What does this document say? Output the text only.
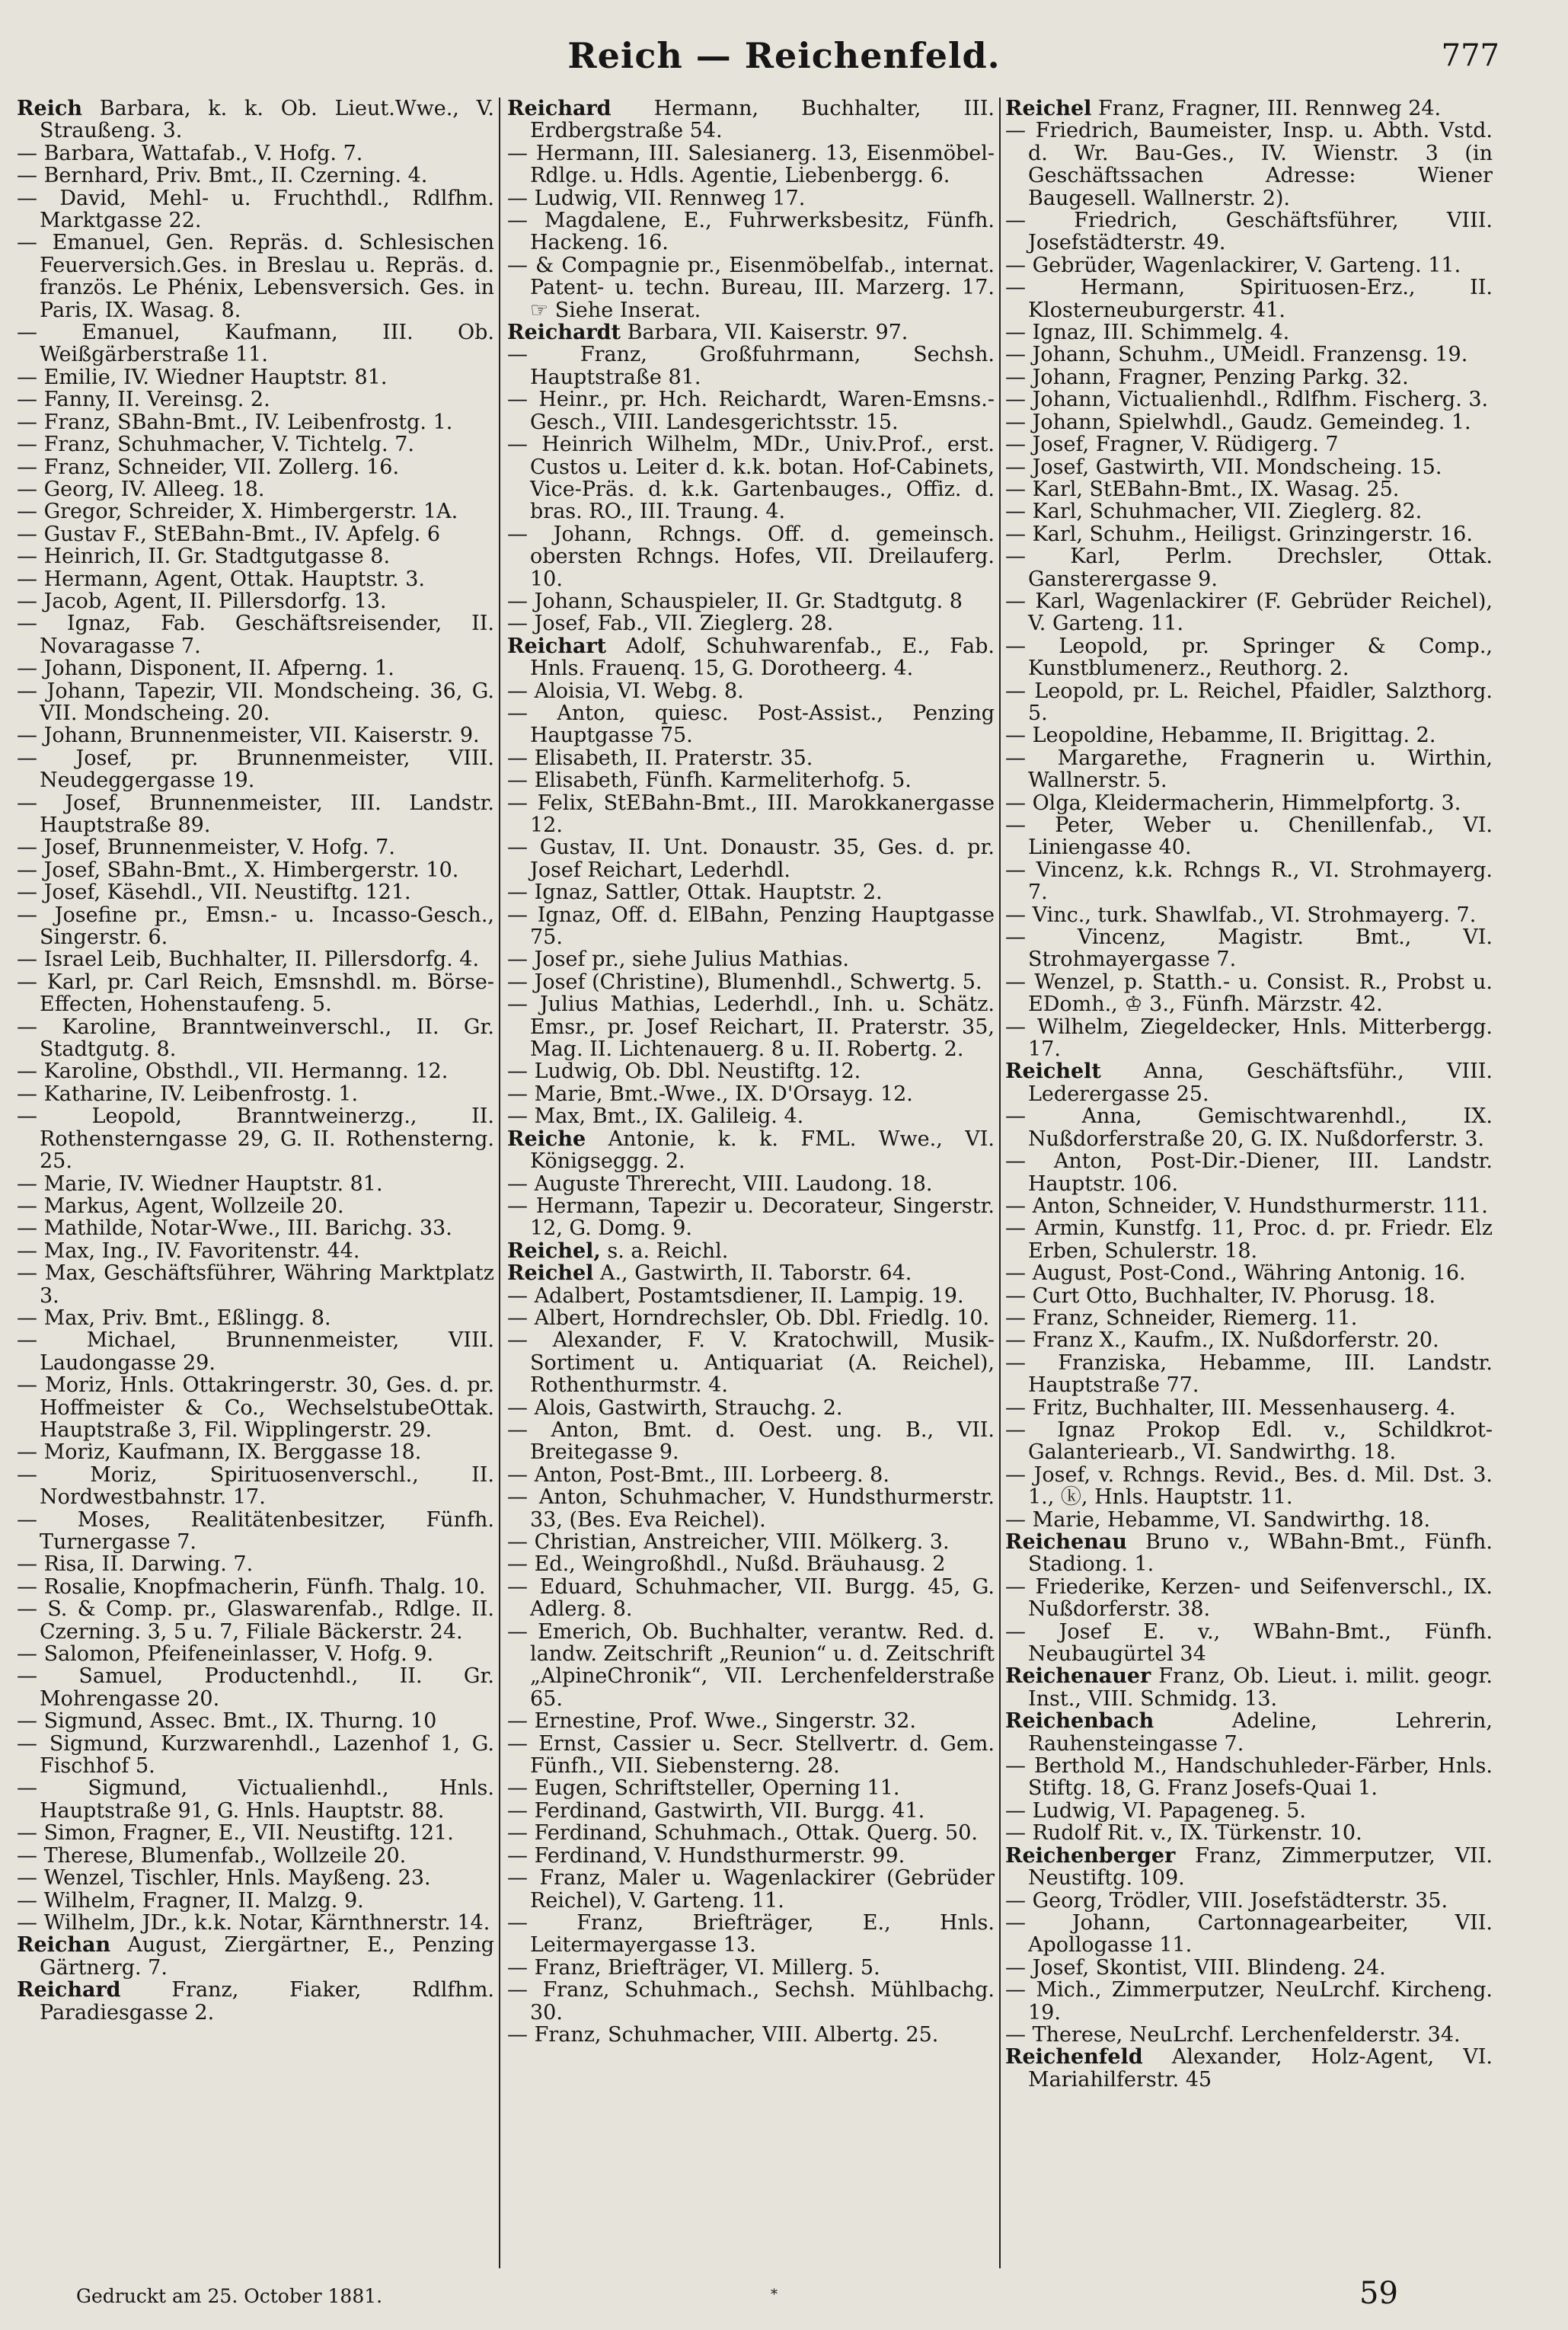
Reich — Reichenfeld.	777

Reich Barbara, k. k. Ob. Lieut.Wwe., V. Straußeng. 3.

— Barbara, Wattafab., V. Hofg. 7.

— Bernhard, Priv. Bmt., II. Czerning. 4.

— David, Mehl- u. Fruchthdl., Rdlfhm. Marktgasse 22.

— Emanuel, Gen. Repräs. d. Schlesischen Feuerversich.Ges. in Breslau u. Repräs. d. französ. Le Phénix, Lebensversich. Ges. in Paris, IX. Wasag. 8.

— Emanuel, Kaufmann, III. Ob. Weißgärberstraße 11.

— Emilie, IV. Wiedner Hauptstr. 81.

— Fanny, II. Vereinsg. 2.

— Franz, SBahn-Bmt., IV. Leibenfrostg. 1.

— Franz, Schuhmacher, V. Tichtelg. 7.

— Franz, Schneider, VII. Zollerg. 16.

— Georg, IV. Alleeg. 18.

— Gregor, Schreider, X. Himbergerstr. 1A.

— Gustav F., StEBahn-Bmt., IV. Apfelg. 6

— Heinrich, II. Gr. Stadtgutgasse 8.

— Hermann, Agent, Ottak. Hauptstr. 3.

— Jacob, Agent, II. Pillersdorfg. 13.

— Ignaz, Fab. Geschäftsreisender, II. Novaragasse 7.

— Johann, Disponent, II. Afperng. 1.

— Johann, Tapezir, VII. Mondscheing. 36, G. VII. Mondscheing. 20.

— Johann, Brunnenmeister, VII. Kaiserstr. 9.

— Josef, pr. Brunnenmeister, VIII. Neudeggergasse 19.

— Josef, Brunnenmeister, III. Landstr. Hauptstraße 89.

— Josef, Brunnenmeister, V. Hofg. 7.

— Josef, SBahn-Bmt., X. Himbergerstr. 10.

— Josef, Käsehdl., VII. Neustiftg. 121.

— Josefine pr., Emsn.- u. Incasso-Gesch., Singerstr. 6.

— Israel Leib, Buchhalter, II. Pillersdorfg. 4.

— Karl, pr. Carl Reich, Emsnshdl. m. Börse-Effecten, Hohenstaufeng. 5.

— Karoline, Branntweinverschl., II. Gr. Stadtgutg. 8.

— Karoline, Obsthdl., VII. Hermanng. 12.

— Katharine, IV. Leibenfrostg. 1.

— Leopold, Branntweinerzg., II. Rothensterngasse 29, G. II. Rothensterng. 25.

— Marie, IV. Wiedner Hauptstr. 81.

— Markus, Agent, Wollzeile 20.

— Mathilde, Notar-Wwe., III. Barichg. 33.

— Max, Ing., IV. Favoritenstr. 44.

— Max, Geschäftsführer, Währing Marktplatz 3.

— Max, Priv. Bmt., Eßlingg. 8.

— Michael, Brunnenmeister, VIII. Laudongasse 29.

— Moriz, Hnls. Ottakringerstr. 30, Ges. d. pr. Hoffmeister & Co., WechselstubeOttak. Hauptstraße 3, Fil. Wipplingerstr. 29.

— Moriz, Kaufmann, IX. Berggasse 18.

— Moriz, Spirituosenverschl., II. Nordwestbahnstr. 17.

— Moses, Realitätenbesitzer, Fünfh. Turnergasse 7.

— Risa, II. Darwing. 7.

— Rosalie, Knopfmacherin, Fünfh. Thalg. 10.

— S. & Comp. pr., Glaswarenfab., Rdlge. II. Czerning. 3, 5 u. 7, Filiale Bäckerstr. 24.

— Salomon, Pfeifeneinlasser, V. Hofg. 9.

— Samuel, Productenhdl., II. Gr. Mohrengasse 20.

— Sigmund, Assec. Bmt., IX. Thurng. 10

— Sigmund, Kurzwarenhdl., Lazenhof 1, G. Fischhof 5.

— Sigmund, Victualienhdl., Hnls. Hauptstraße 91, G. Hnls. Hauptstr. 88.

— Simon, Fragner, E., VII. Neustiftg. 121.

— Therese, Blumenfab., Wollzeile 20.

— Wenzel, Tischler, Hnls. Mayßeng. 23.

— Wilhelm, Fragner, II. Malzg. 9.

— Wilhelm, JDr., k.k. Notar, Kärnthnerstr. 14.

Reichan August, Ziergärtner, E., Penzing Gärtnerg. 7.

Reichard Franz, Fiaker, Rdlfhm. Paradiesgasse 2.

Reichard Hermann, Buchhalter, III. Erdbergstraße 54.

— Hermann, III. Salesianerg. 13, Eisenmöbel-Rdlge. u. Hdls. Agentie, Liebenbergg. 6.

— Ludwig, VII. Rennweg 17.

— Magdalene, E., Fuhrwerksbesitz, Fünfh. Hackeng. 16.

— & Compagnie pr., Eisenmöbelfab., internat. Patent- u. techn. Bureau, III. Marzerg. 17. ☞ Siehe Inserat.

Reichardt Barbara, VII. Kaiserstr. 97.

— Franz, Großfuhrmann, Sechsh. Hauptstraße 81.

— Heinr., pr. Hch. Reichardt, Waren-Emsns.-Gesch., VIII. Landesgerichtsstr. 15.

— Heinrich Wilhelm, MDr., Univ.Prof., erst. Custos u. Leiter d. k.k. botan. Hof-Cabinets, Vice-Präs. d. k.k. Gartenbauges., Offiz. d. bras. RO., III. Traung. 4.

— Johann, Rchngs. Off. d. gemeinsch. obersten Rchngs. Hofes, VII. Dreilauferg. 10.

— Johann, Schauspieler, II. Gr. Stadtgutg. 8

— Josef, Fab., VII. Zieglerg. 28.

Reichart Adolf, Schuhwarenfab., E., Fab. Hnls. Frauenq. 15, G. Dorotheerg. 4.

— Aloisia, VI. Webg. 8.

— Anton, quiesc. Post-Assist., Penzing Hauptgasse 75.

— Elisabeth, II. Praterstr. 35.

— Elisabeth, Fünfh. Karmeliterhofg. 5.

— Felix, StEBahn-Bmt., III. Marokkanergasse 12.

— Gustav, II. Unt. Donaustr. 35, Ges. d. pr. Josef Reichart, Lederhdl.

— Ignaz, Sattler, Ottak. Hauptstr. 2.

— Ignaz, Off. d. ElBahn, Penzing Hauptgasse 75.

— Josef pr., siehe Julius Mathias.

— Josef (Christine), Blumenhdl., Schwertg. 5.

— Julius Mathias, Lederhdl., Inh. u. Schätz. Emsr., pr. Josef Reichart, II. Praterstr. 35, Mag. II. Lichtenauerg. 8 u. II. Robertg. 2.

— Ludwig, Ob. Dbl. Neustiftg. 12.

— Marie, Bmt.-Wwe., IX. D'Orsayg. 12.

— Max, Bmt., IX. Galileig. 4.

Reiche Antonie, k. k. FML. Wwe., VI. Königseggg. 2.

— Auguste Threrecht, VIII. Laudong. 18.

— Hermann, Tapezir u. Decorateur, Singerstr. 12, G. Domg. 9.

Reichel, s. a. Reichl.

Reichel A., Gastwirth, II. Taborstr. 64.

— Adalbert, Postamtsdiener, II. Lampig. 19.

— Albert, Horndrechsler, Ob. Dbl. Friedlg. 10.

— Alexander, F. V. Kratochwill, Musik-Sortiment u. Antiquariat (A. Reichel), Rothenthurmstr. 4.

— Alois, Gastwirth, Strauchg. 2.

— Anton, Bmt. d. Oest. ung. B., VII. Breitegasse 9.

— Anton, Post-Bmt., III. Lorbeerg. 8.

— Anton, Schuhmacher, V. Hundsthurmerstr. 33, (Bes. Eva Reichel).

— Christian, Anstreicher, VIII. Mölkerg. 3.

— Ed., Weingroßhdl., Nußd. Bräuhausg. 2

— Eduard, Schuhmacher, VII. Burgg. 45, G. Adlerg. 8.

— Emerich, Ob. Buchhalter, verantw. Red. d. landw. Zeitschrift „Reunion“ u. d. Zeitschrift „AlpineChronik“, VII. Lerchenfelderstraße 65.

— Ernestine, Prof. Wwe., Singerstr. 32.

— Ernst, Cassier u. Secr. Stellvertr. d. Gem. Fünfh., VII. Siebensterng. 28.

— Eugen, Schriftsteller, Operning 11.

— Ferdinand, Gastwirth, VII. Burgg. 41.

— Ferdinand, Schuhmach., Ottak. Querg. 50.

— Ferdinand, V. Hundsthurmerstr. 99.

— Franz, Maler u. Wagenlackirer (Gebrüder Reichel), V. Garteng. 11.

— Franz, Briefträger, E., Hnls. Leitermayergasse 13.

— Franz, Briefträger, VI. Millerg. 5.

— Franz, Schuhmach., Sechsh. Mühlbachg. 30.

— Franz, Schuhmacher, VIII. Albertg. 25.

Reichel Franz, Fragner, III. Rennweg 24.

— Friedrich, Baumeister, Insp. u. Abth. Vstd. d. Wr. Bau-Ges., IV. Wienstr. 3 (in Geschäftssachen Adresse: Wiener Baugesell. Wallnerstr. 2).

— Friedrich, Geschäftsführer, VIII. Josefstädterstr. 49.

— Gebrüder, Wagenlackirer, V. Garteng. 11.

— Hermann, Spirituosen-Erz., II. Klosterneuburgerstr. 41.

— Ignaz, III. Schimmelg. 4.

— Johann, Schuhm., UMeidl. Franzensg. 19.

— Johann, Fragner, Penzing Parkg. 32.

— Johann, Victualienhdl., Rdlfhm. Fischerg. 3.

— Johann, Spielwhdl., Gaudz. Gemeindeg. 1.

— Josef, Fragner, V. Rüdigerg. 7

— Josef, Gastwirth, VII. Mondscheing. 15.

— Karl, StEBahn-Bmt., IX. Wasag. 25.

— Karl, Schuhmacher, VII. Zieglerg. 82.

— Karl, Schuhm., Heiligst. Grinzingerstr. 16.

— Karl, Perlm. Drechsler, Ottak. Gansterergasse 9.

— Karl, Wagenlackirer (F. Gebrüder Reichel), V. Garteng. 11.

— Leopold, pr. Springer & Comp., Kunstblumenerz., Reuthorg. 2.

— Leopold, pr. L. Reichel, Pfaidler, Salzthorg. 5.

— Leopoldine, Hebamme, II. Brigittag. 2.

— Margarethe, Fragnerin u. Wirthin, Wallnerstr. 5.

— Olga, Kleidermacherin, Himmelpfortg. 3.

— Peter, Weber u. Chenillenfab., VI. Liniengasse 40.

— Vincenz, k.k. Rchngs R., VI. Strohmayerg. 7.

— Vinc., turk. Shawlfab., VI. Strohmayerg. 7.

— Vincenz, Magistr. Bmt., VI. Strohmayergasse 7.

— Wenzel, p. Statth.- u. Consist. R., Probst u. EDomh., ♔ 3., Fünfh. Märzstr. 42.

— Wilhelm, Ziegeldecker, Hnls. Mitterbergg. 17.

Reichelt Anna, Geschäftsführ., VIII. Lederergasse 25.

— Anna, Gemischtwarenhdl., IX. Nußdorferstraße 20, G. IX. Nußdorferstr. 3.

— Anton, Post-Dir.-Diener, III. Landstr. Hauptstr. 106.

— Anton, Schneider, V. Hundsthurmerstr. 111.

— Armin, Kunstfg. 11, Proc. d. pr. Friedr. Elz Erben, Schulerstr. 18.

— August, Post-Cond., Währing Antonig. 16.

— Curt Otto, Buchhalter, IV. Phorusg. 18.

— Franz, Schneider, Riemerg. 11.

— Franz X., Kaufm., IX. Nußdorferstr. 20.

— Franziska, Hebamme, III. Landstr. Hauptstraße 77.

— Fritz, Buchhalter, III. Messenhauserg. 4.

— Ignaz Prokop Edl. v., Schildkrot-Galanteriearb., VI. Sandwirthg. 18.

— Josef, v. Rchngs. Revid., Bes. d. Mil. Dst. 3. 1., ⓚ, Hnls. Hauptstr. 11.

— Marie, Hebamme, VI. Sandwirthg. 18.

Reichenau Bruno v., WBahn-Bmt., Fünfh. Stadiong. 1.

— Friederike, Kerzen- und Seifenverschl., IX. Nußdorferstr. 38.

— Josef E. v., WBahn-Bmt., Fünfh. Neubaugürtel 34

Reichenauer Franz, Ob. Lieut. i. milit. geogr. Inst., VIII. Schmidg. 13.

Reichenbach Adeline, Lehrerin, Rauhensteingasse 7.

— Berthold M., Handschuhleder-Färber, Hnls. Stiftg. 18, G. Franz Josefs-Quai 1.

— Ludwig, VI. Papageneg. 5.

— Rudolf Rit. v., IX. Türkenstr. 10.

Reichenberger Franz, Zimmerputzer, VII. Neustiftg. 109.

— Georg, Trödler, VIII. Josefstädterstr. 35.

— Johann, Cartonnagearbeiter, VII. Apollogasse 11.

— Josef, Skontist, VIII. Blindeng. 24.

— Mich., Zimmerputzer, NeuLrchf. Kircheng. 19.

— Therese, NeuLrchf. Lerchenfelderstr. 34.

Reichenfeld Alexander, Holz-Agent, VI. Mariahilferstr. 45

Gedruckt am 25. October 1881.	*	59
